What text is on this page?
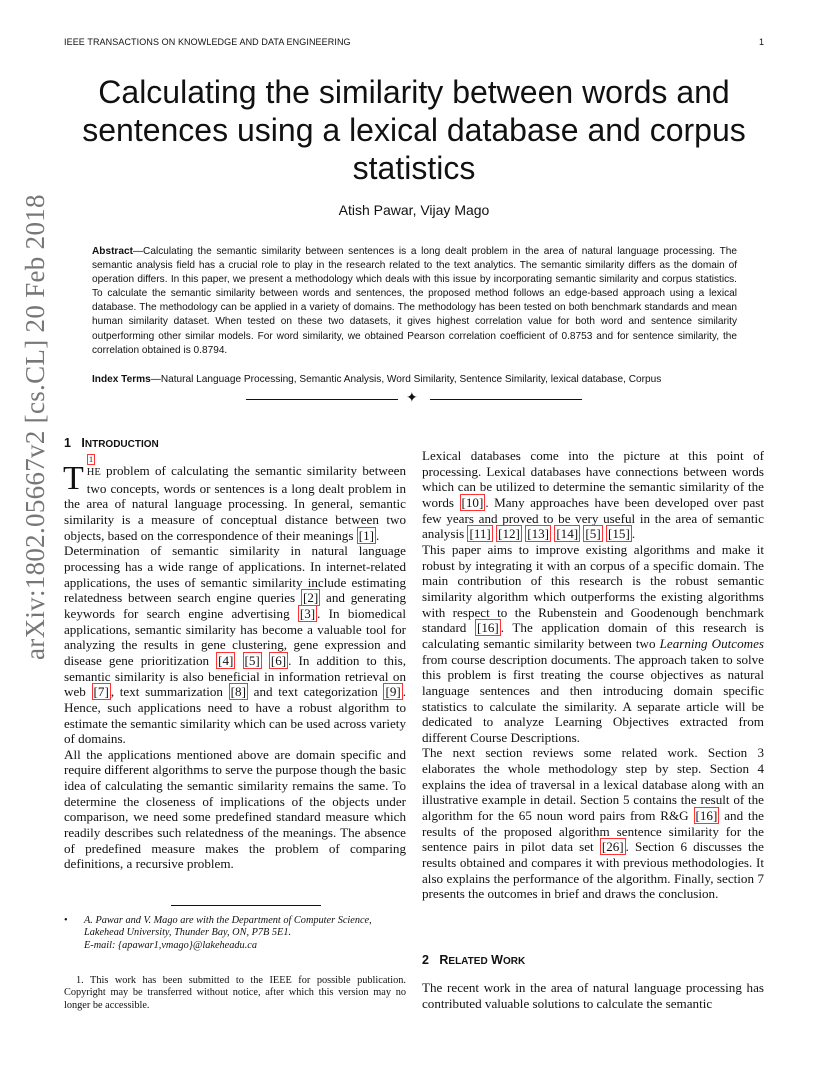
IEEE TRANSACTIONS ON KNOWLEDGE AND DATA ENGINEERING	1
arXiv:1802.05667v2 [cs.CL] 20 Feb 2018
Calculating the similarity between words and sentences using a lexical database and corpus statistics
Atish Pawar, Vijay Mago
Abstract—Calculating the semantic similarity between sentences is a long dealt problem in the area of natural language processing. The semantic analysis field has a crucial role to play in the research related to the text analytics. The semantic similarity differs as the domain of operation differs. In this paper, we present a methodology which deals with this issue by incorporating semantic similarity and corpus statistics. To calculate the semantic similarity between words and sentences, the proposed method follows an edge-based approach using a lexical database. The methodology can be applied in a variety of domains. The methodology has been tested on both benchmark standards and mean human similarity dataset. When tested on these two datasets, it gives highest correlation value for both word and sentence similarity outperforming other similar models. For word similarity, we obtained Pearson correlation coefficient of 0.8753 and for sentence similarity, the correlation obtained is 0.8794.
Index Terms—Natural Language Processing, Semantic Analysis, Word Similarity, Sentence Similarity, lexical database, Corpus
✦
1 INTRODUCTION
1

THE problem of calculating the semantic similarity between two concepts, words or sentences is a long dealt problem in the area of natural language processing. In general, semantic similarity is a measure of conceptual distance between two objects, based on the correspondence of their meanings [1] .

Determination of semantic similarity in natural language processing has a wide range of applications. In internet-related applications, the uses of semantic similarity include estimating relatedness between search engine queries [2] and generating keywords for search engine advertising [3] . In biomedical applications, semantic similarity has become a valuable tool for analyzing the results in gene clustering, gene expression and disease gene prioritization [4] [5] [6] . In addition to this, semantic similarity is also beneficial in information retrieval on web [7] , text summarization [8] and text categorization [9] . Hence, such applications need to have a robust algorithm to estimate the semantic similarity which can be used across variety of domains.

All the applications mentioned above are domain specific and require different algorithms to serve the purpose though the basic idea of calculating the semantic similarity remains the same. To determine the closeness of implications of the objects under comparison, we need some predefined standard measure which readily describes such relatedness of the meanings. The absence of predefined measure makes the problem of comparing definitions, a recursive problem.

•	A. Pawar and V. Mago are with the Department of Computer Science, Lakehead University, Thunder Bay, ON, P7B 5E1.
E-mail: {apawar1,vmago}@lakeheadu.ca
1. This work has been submitted to the IEEE for possible publication. Copyright may be transferred without notice, after which this version may no longer be accessible.

Lexical databases come into the picture at this point of processing. Lexical databases have connections between words which can be utilized to determine the semantic similarity of the words [10] . Many approaches have been developed over past few years and proved to be very useful in the area of semantic analysis [11] [12] [13] [14] [5] [15] .

This paper aims to improve existing algorithms and make it robust by integrating it with an corpus of a specific domain. The main contribution of this research is the robust semantic similarity algorithm which outperforms the existing algorithms with respect to the Rubenstein and Goodenough benchmark standard [16] . The application domain of this research is calculating semantic similarity between two Learning Outcomes from course description documents. The approach taken to solve this problem is first treating the course objectives as natural language sentences and then introducing domain specific statistics to calculate the similarity. A separate article will be dedicated to analyze Learning Objectives extracted from different Course Descriptions.

The next section reviews some related work. Section 3 elaborates the whole methodology step by step. Section 4 explains the idea of traversal in a lexical database along with an illustrative example in detail. Section 5 contains the result of the algorithm for the 65 noun word pairs from R&G [16] and the results of the proposed algorithm sentence similarity for the sentence pairs in pilot data set [26] . Section 6 discusses the results obtained and compares it with previous methodologies. It also explains the performance of the algorithm. Finally, section 7 presents the outcomes in brief and draws the conclusion.

2 RELATED WORK
The recent work in the area of natural language processing has contributed valuable solutions to calculate the semantic
